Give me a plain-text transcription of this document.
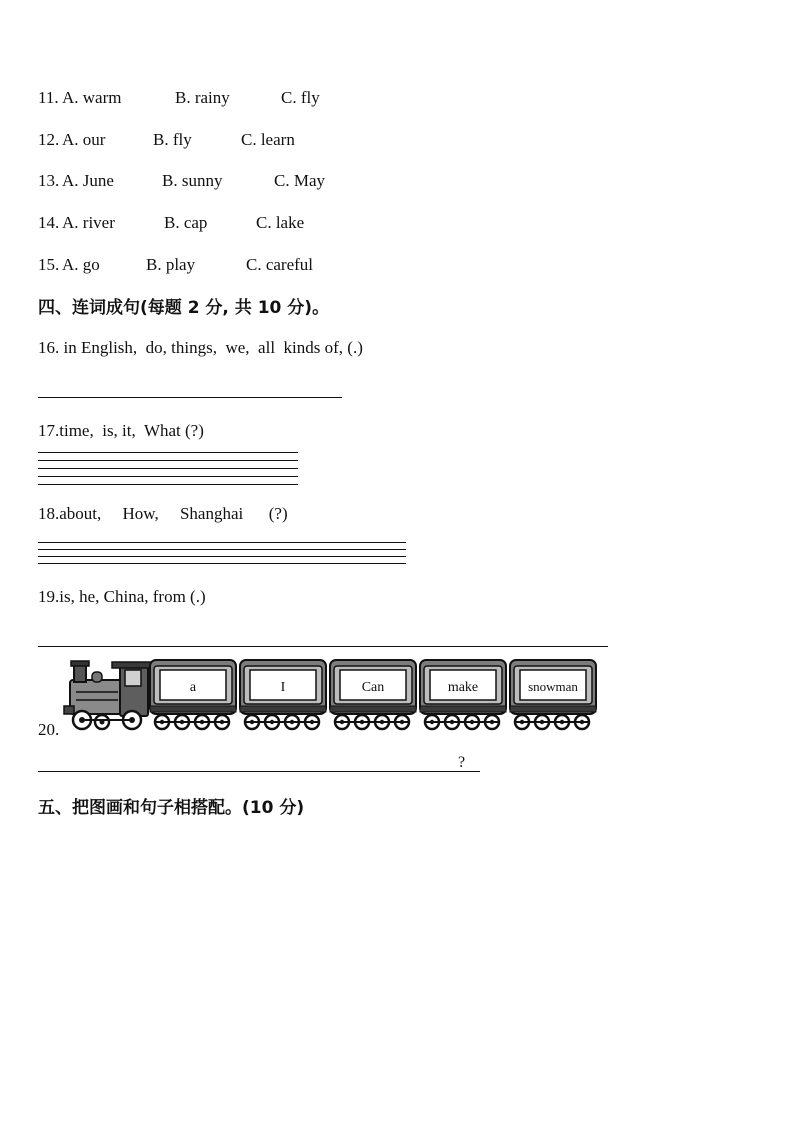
11. A. warm	B. rainy	C. fly
12. A. our	B. fly	C. learn
13. A. June	B. sunny	C. May
14. A. river	B. cap	C. lake
15. A. go	B. play	C. careful
四、连词成句(每题 2 分, 共 10 分)。
16. in English,  do, things,  we,  all  kinds of, (.)
17.time,  is, it,  What (?)
18.about,     How,     Shanghai      (?)
19.is, he, China, from (.)
20.
a	I	Can	make	snowman
?
五、把图画和句子相搭配。(10 分)
